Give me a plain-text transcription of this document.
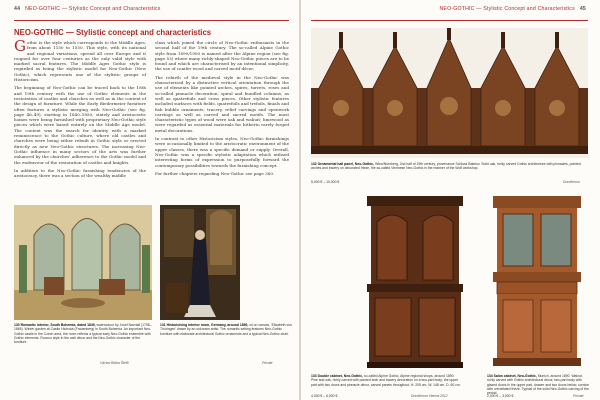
44 NEO-GOTHIC — Stylistic Concept and Characteristics
NEO-GOTHIC — Stylistic concept and characteristics

Gothic is the style which corresponds to the Middle Ages, from about 1150 to 1550. This style, with its national and regional variations, spread all over Europe and it reigned for over four centuries as the only valid style with marked sacral features. The Middle Ages Gothic style is regarded as being the stylistic model for Neo-Gothic (New Gothic), which represents one of the stylistic groups of Historicism.

The beginning of Neo-Gothic can be traced back to the 18th and 19th century with the use of Gothic elements in the restoration of castles and churches as well as in the context of the design of furniture. While the Early Biedermeier furniture often features a stylistic merging with Neo-Gothic (see fig. page 46–49), starting in 1840–1850, stately and aristocratic homes were being furnished with proprietary Neo-Gothic style pieces which were based entirely on the Middle Age model. The context was the search for identity with a marked reminiscence to the Gothic culture, where old castles and churches were being either rebuilt in Gothic style or erected directly as new Neo-Gothic structures. The increasing Neo-Gothic influence in many sectors of the arts was further enhanced by the churches' adherence to the Gothic model and the endeavour of the restoration of castles and knights.

In addition to the Neo-Gothic furnishing tendencies of the aristocracy, there was a section of the wealthy middle

class which joined the circle of Neo-Gothic enthusiasts in the second half of the 19th century. The so-called Alpine Gothic style from 1890/1900 is named after the Alpine region (see fig. page 53) where many richly-shaped Neo-Gothic pieces are to be found and which are characterised by an intentional simplicity, the use of conifer wood and carved motif décor.

The rebirth of the medieval style in the Neo-Gothic was characterised by a distinctive vertical orientation through the use of elements like pointed arches, spires, turrets, roses and so-called pinnacle decoration, spiral and bundled columns, as well as quatrefoils and cross pieces. Other stylistic features included surfaces with fields, quatrefoils and trefoils, finials and fish bubble ornaments, tracery, relief carvings and openwork carvings as well as carved and sacred motifs. The most characteristic types of wood were oak and walnut; limewood as were regarded as essential materials for hitherto rarely forged metal decorations.

In contrast to other Historicism styles, Neo-Gothic furnishings were occasionally limited to the aristocratic environment of the upper classes, there was a specific demand or supply. Overall, Neo-Gothic was a specific stylistic adaptation which utilised interesting forms of expression to purposefully forward the contemporary possibilities towards the furnishing concept.

For further chapters regarding Neo-Gothic see page 360.

130 Romantic interior, South Bohemia, dated 1849, watercolour by Josef Navrátil (1798–1865). Winter garden at Castle Hluboká (Frauenberg) in South Bohemia. An important Neo-Gothic castle in the Czech area, the room reflects a typical early Neo-Gothic ensemble with Gothic elements. Rococo style in the wall décor and the Neo-Gothic character of the furniture.
Václav Bláha Šteffl
131 Historicising interior room, Germany, around 1890, oil on canvas, 'Elisabeth von Thüringen' drawn by an unknown artist. The romantic setting features Neo-Gothic furniture with elaborate architectural Gothic ornaments and a typical Neo-Gothic chair.
Private
NEO-GOTHIC — Stylistic Concept and Characteristics 45
132 Ornamental hall panel, Neo-Gothic, Wien/Nürnberg, 2nd half of 19th century, provenance Schloss Batelov. Solid oak, richly carved Gothic architecture with pinnacles, pointed arches and tracery on decorated frieze, the so-called Viennese Neo-Gothic in the manner of the Wolf workshop.
5,000 € – 10,000 €	Dorotheum
133 Double cabinet, Neo-Gothic, so-called Alpine Gothic, Alpine regional shops, around 1890. Pine and oak, richly carved with pointed arch and tracery decoration on a two-part body; the upper part with two doors and pinnacle décor, carved panels throughout. H. 205 cm, W. 148 cm, D. 60 cm.
4,000 € – 6,000 €	Dorotheum Vienna 2012
134 Salon cabinet, Neo-Gothic, Munich, around 1890. Walnut, richly carved with Gothic architectural décor, two-part body with glazed doors in the upper part, drawer and two doors below, cornice with crenellated frieze. Typical of the solid Neo-Gothic carving of the period.
2,000 € – 3,000 €	Private
